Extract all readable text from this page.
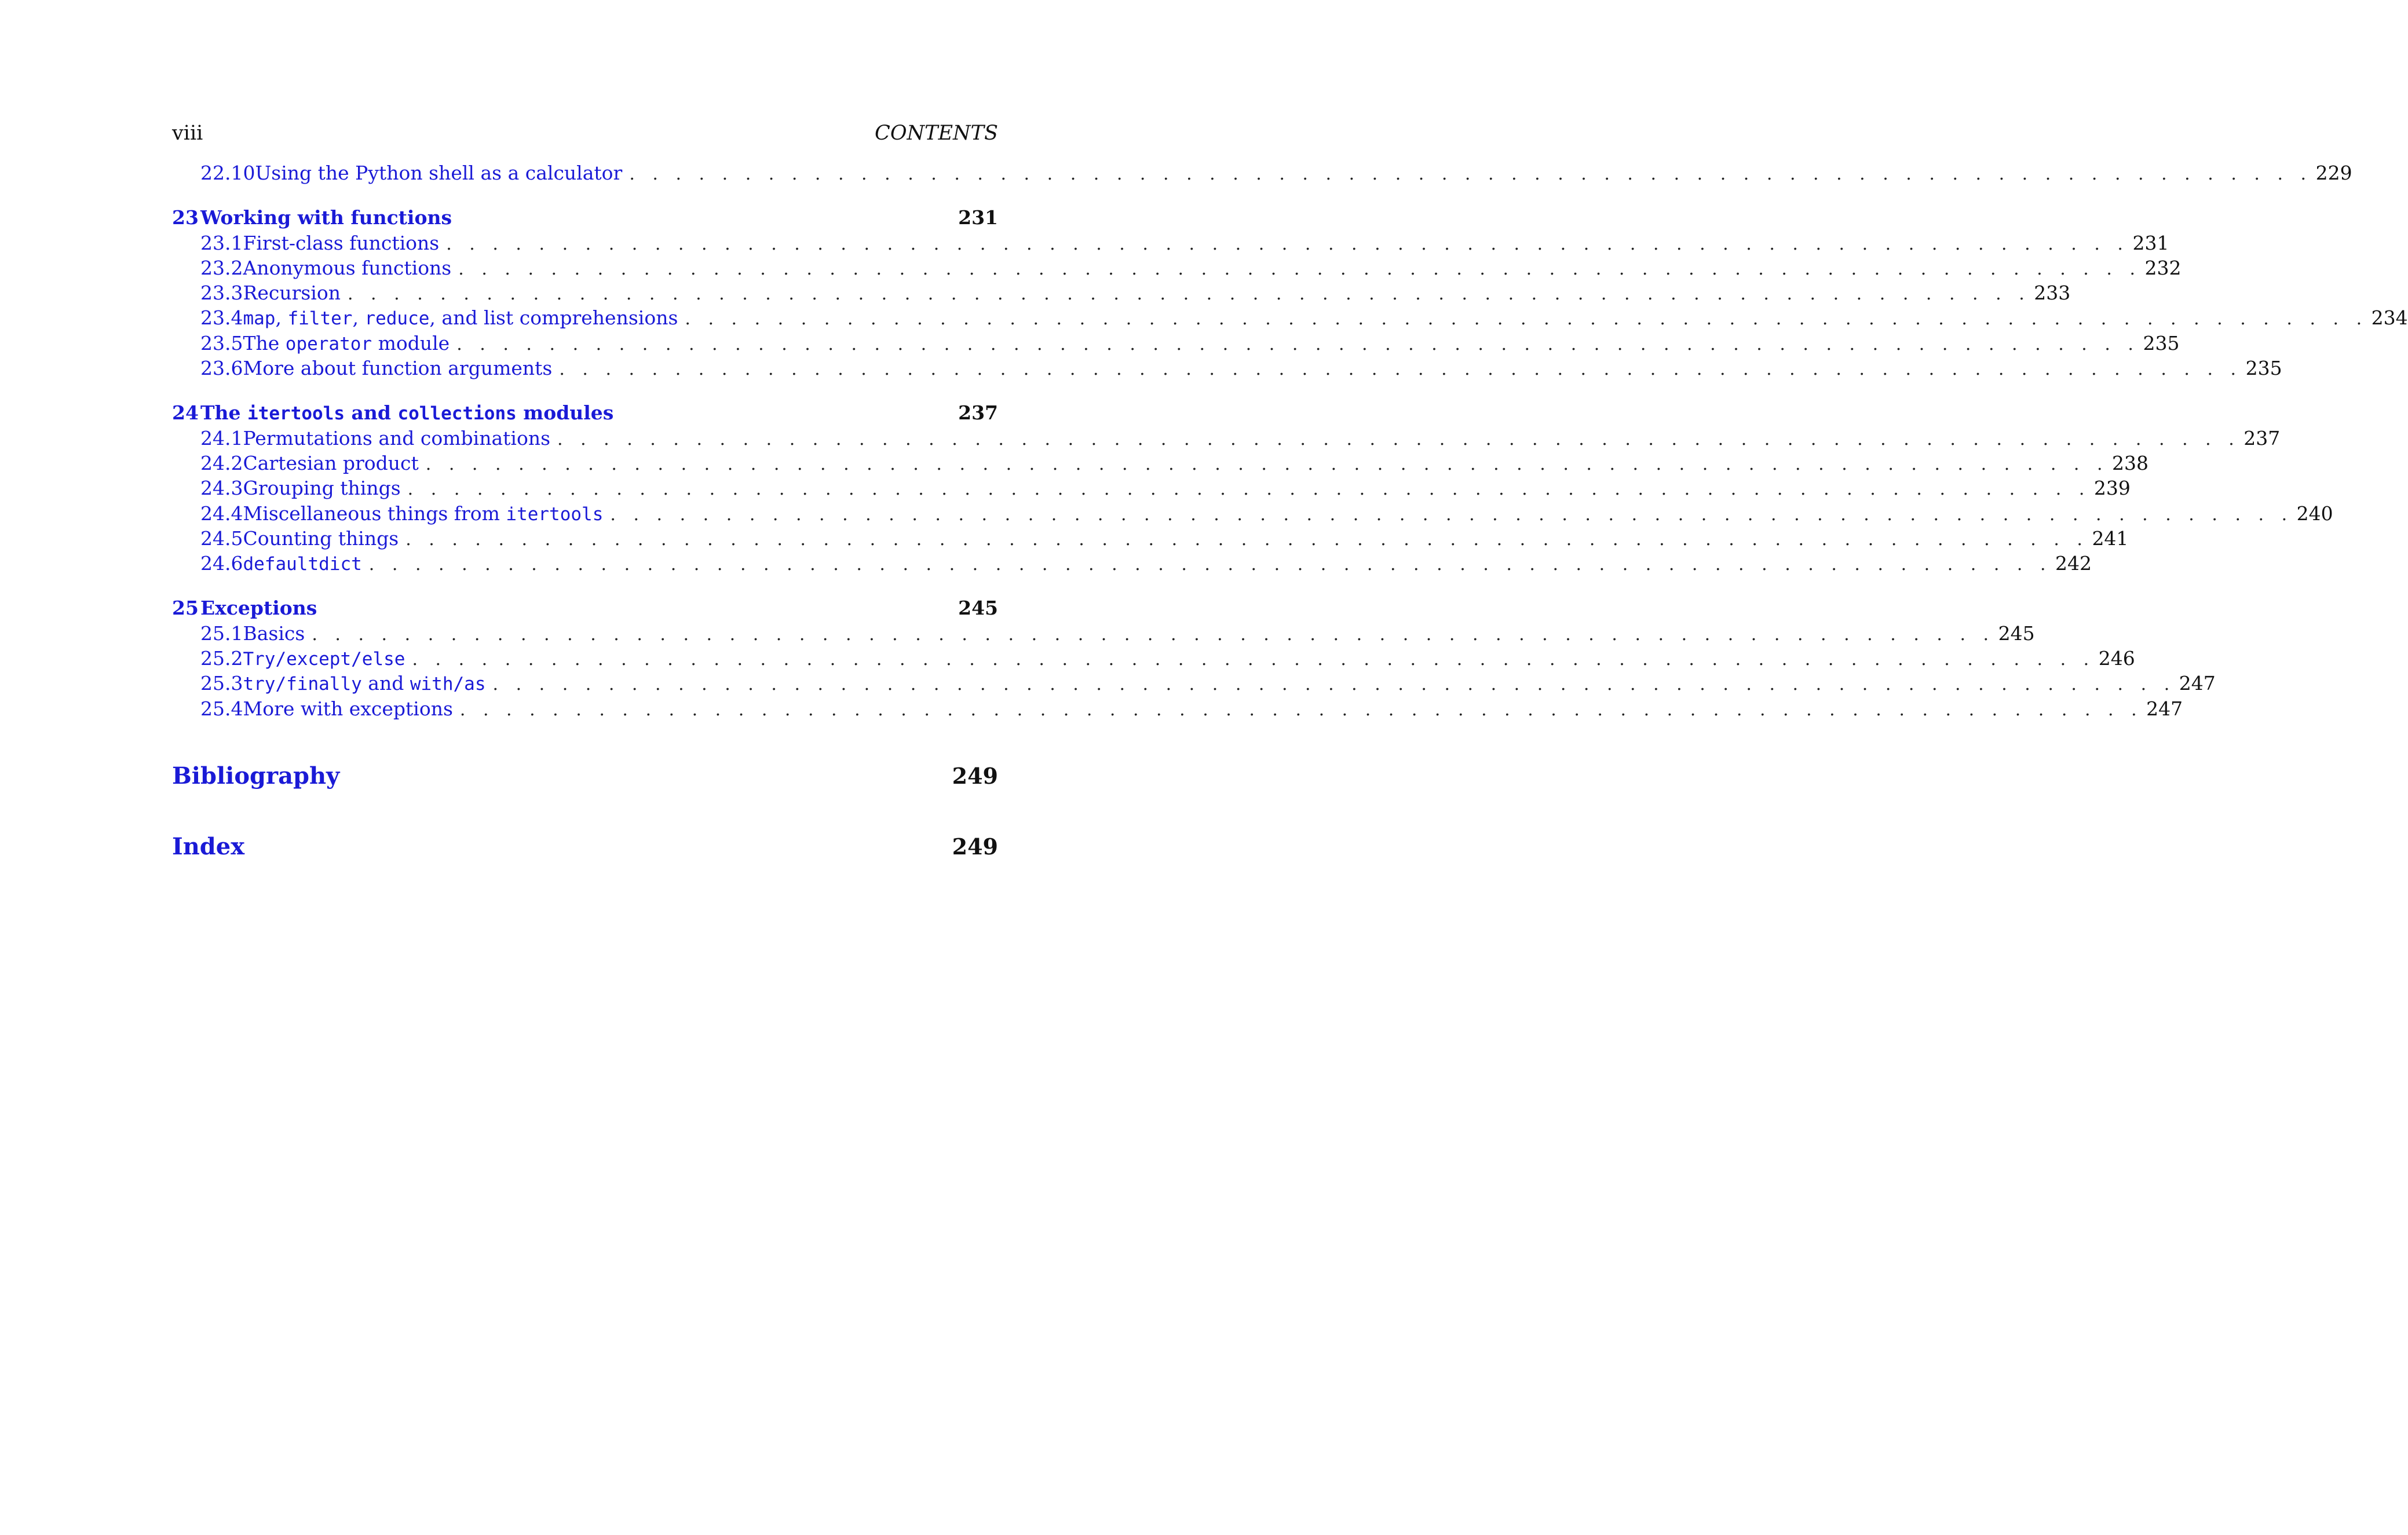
viii	CONTENTS
22.10Using the Python shell as a calculator . . . . . . . . . . . . . . . . . . . . . . . . . . . . . . . . . . . . . . . . . . . . . . . . . . . . . . . . . . . . . . . . . . . . . . . . . 229
23 Working with functions	231
23.1 First-class functions . . . . . . . . . . . . . . . . . . . . . . . . . . . . . . . . . . . . . . . . . . . . . . . . . . . . . . . . . . . . . . . . . . . . . . . . . 231
23.2 Anonymous functions . . . . . . . . . . . . . . . . . . . . . . . . . . . . . . . . . . . . . . . . . . . . . . . . . . . . . . . . . . . . . . . . . . . . . . . . . 232
23.3 Recursion . . . . . . . . . . . . . . . . . . . . . . . . . . . . . . . . . . . . . . . . . . . . . . . . . . . . . . . . . . . . . . . . . . . . . . . . . 233
23.4 map, filter, reduce, and list comprehensions . . . . . . . . . . . . . . . . . . . . . . . . . . . . . . . . . . . . . . . . . . . . . . . . . . . . . . . . . . . . . . . . . . . . . . . . . 234
23.5 The operator module . . . . . . . . . . . . . . . . . . . . . . . . . . . . . . . . . . . . . . . . . . . . . . . . . . . . . . . . . . . . . . . . . . . . . . . . . 235
23.6 More about function arguments . . . . . . . . . . . . . . . . . . . . . . . . . . . . . . . . . . . . . . . . . . . . . . . . . . . . . . . . . . . . . . . . . . . . . . . . . 235
24 The itertools and collections modules	237
24.1 Permutations and combinations . . . . . . . . . . . . . . . . . . . . . . . . . . . . . . . . . . . . . . . . . . . . . . . . . . . . . . . . . . . . . . . . . . . . . . . . . 237
24.2 Cartesian product . . . . . . . . . . . . . . . . . . . . . . . . . . . . . . . . . . . . . . . . . . . . . . . . . . . . . . . . . . . . . . . . . . . . . . . . . 238
24.3 Grouping things . . . . . . . . . . . . . . . . . . . . . . . . . . . . . . . . . . . . . . . . . . . . . . . . . . . . . . . . . . . . . . . . . . . . . . . . . 239
24.4 Miscellaneous things from itertools . . . . . . . . . . . . . . . . . . . . . . . . . . . . . . . . . . . . . . . . . . . . . . . . . . . . . . . . . . . . . . . . . . . . . . . . . 240
24.5 Counting things . . . . . . . . . . . . . . . . . . . . . . . . . . . . . . . . . . . . . . . . . . . . . . . . . . . . . . . . . . . . . . . . . . . . . . . . . 241
24.6 defaultdict . . . . . . . . . . . . . . . . . . . . . . . . . . . . . . . . . . . . . . . . . . . . . . . . . . . . . . . . . . . . . . . . . . . . . . . . . 242
25 Exceptions	245
25.1 Basics . . . . . . . . . . . . . . . . . . . . . . . . . . . . . . . . . . . . . . . . . . . . . . . . . . . . . . . . . . . . . . . . . . . . . . . . . 245
25.2 Try/except/else . . . . . . . . . . . . . . . . . . . . . . . . . . . . . . . . . . . . . . . . . . . . . . . . . . . . . . . . . . . . . . . . . . . . . . . . . 246
25.3 try/finally and with/as . . . . . . . . . . . . . . . . . . . . . . . . . . . . . . . . . . . . . . . . . . . . . . . . . . . . . . . . . . . . . . . . . . . . . . . . . 247
25.4 More with exceptions . . . . . . . . . . . . . . . . . . . . . . . . . . . . . . . . . . . . . . . . . . . . . . . . . . . . . . . . . . . . . . . . . . . . . . . . . 247
Bibliography	249
Index	249
